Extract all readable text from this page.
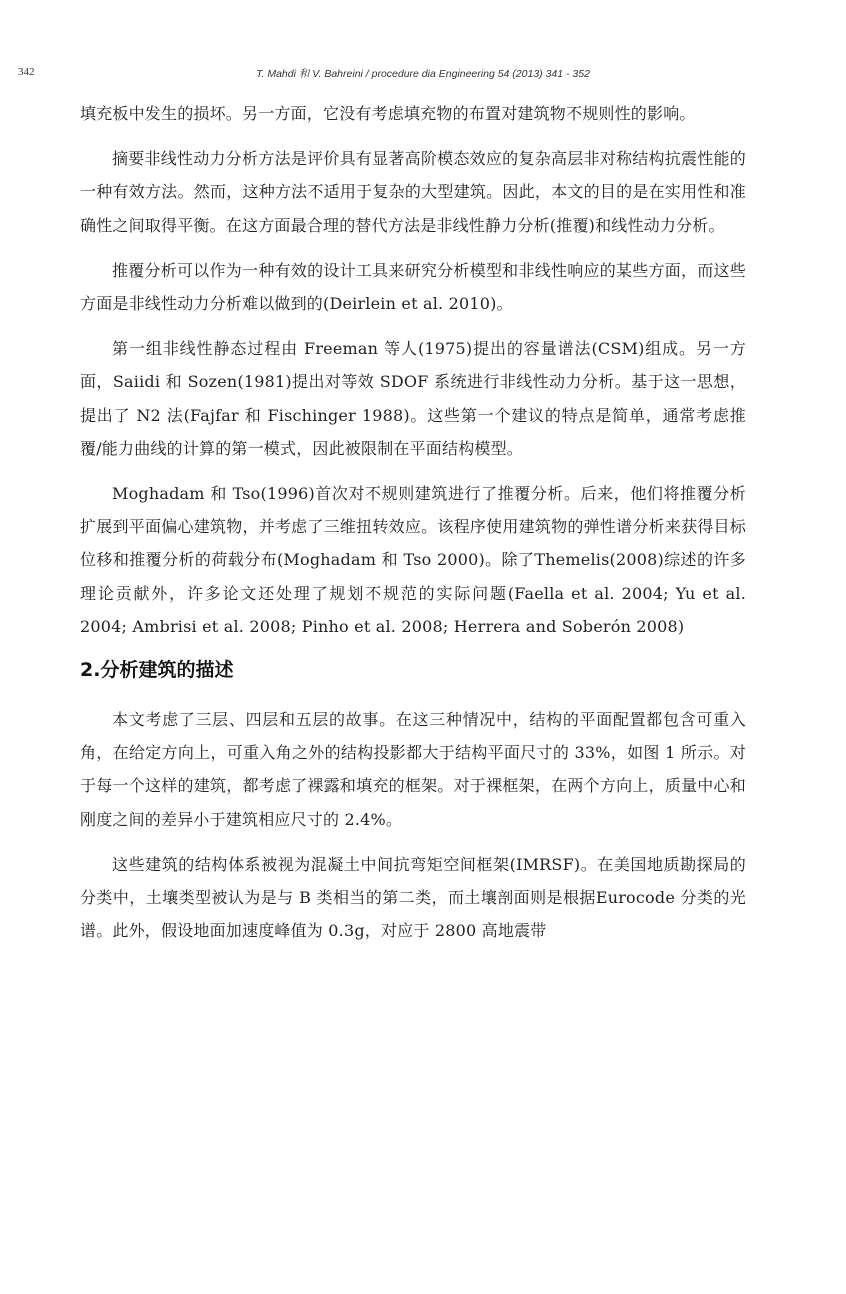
342	T. Mahdi 和 V. Bahreini / procedure dia Engineering 54 (2013) 341 - 352

填充板中发生的损坏。另一方面，它没有考虑填充物的布置对建筑物不规则性的影响。

摘要非线性动力分析方法是评价具有显著高阶模态效应的复杂高层非对称结构抗震性能的一种有效方法。然而，这种方法不适用于复杂的大型建筑。因此，本文的目的是在实用性和准确性之间取得平衡。在这方面最合理的替代方法是非线性静力分析(推覆)和线性动力分析。

推覆分析可以作为一种有效的设计工具来研究分析模型和非线性响应的某些方面，而这些方面是非线性动力分析难以做到的(Deirlein et al. 2010)。

第一组非线性静态过程由 Freeman 等人(1975)提出的容量谱法(CSM)组成。另一方面，Saiidi 和 Sozen(1981)提出对等效 SDOF 系统进行非线性动力分析。基于这一思想，提出了 N2 法(Fajfar 和 Fischinger 1988)。这些第一个建议的特点是简单，通常考虑推覆/能力曲线的计算的第一模式，因此被限制在平面结构模型。

Moghadam 和 Tso(1996)首次对不规则建筑进行了推覆分析。后来，他们将推覆分析扩展到平面偏心建筑物，并考虑了三维扭转效应。该程序使用建筑物的弹性谱分析来获得目标位移和推覆分析的荷载分布(Moghadam 和 Tso 2000)。除了Themelis(2008)综述的许多理论贡献外，许多论文还处理了规划不规范的实际问题(Faella et al. 2004; Yu et al. 2004; Ambrisi et al. 2008; Pinho et al. 2008; Herrera and Soberón 2008)

2.分析建筑的描述

本文考虑了三层、四层和五层的故事。在这三种情况中，结构的平面配置都包含可重入角，在给定方向上，可重入角之外的结构投影都大于结构平面尺寸的 33%，如图 1 所示。对于每一个这样的建筑，都考虑了裸露和填充的框架。对于裸框架，在两个方向上，质量中心和刚度之间的差异小于建筑相应尺寸的 2.4%。

这些建筑的结构体系被视为混凝土中间抗弯矩空间框架(IMRSF)。在美国地质勘探局的分类中，土壤类型被认为是与 B 类相当的第二类，而土壤剖面则是根据Eurocode 分类的光谱。此外，假设地面加速度峰值为 0.3g，对应于 2800 高地震带
